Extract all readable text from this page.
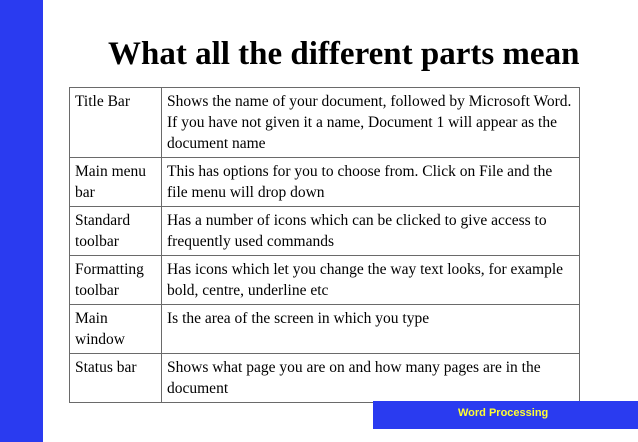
What all the different parts mean
Title Bar	Shows the name of your document, followed by Microsoft Word. If you have not given it a name, Document 1 will appear as the document name
Main menu bar	This has options for you to choose from. Click on File and the file menu will drop down
Standard toolbar	Has a number of icons which can be clicked to give access to frequently used commands
Formatting toolbar	Has icons which let you change the way text looks, for example bold, centre, underline etc
Main window	Is the area of the screen in which you type
Status bar	Shows what page you are on and how many pages are in the document
Word Processing
